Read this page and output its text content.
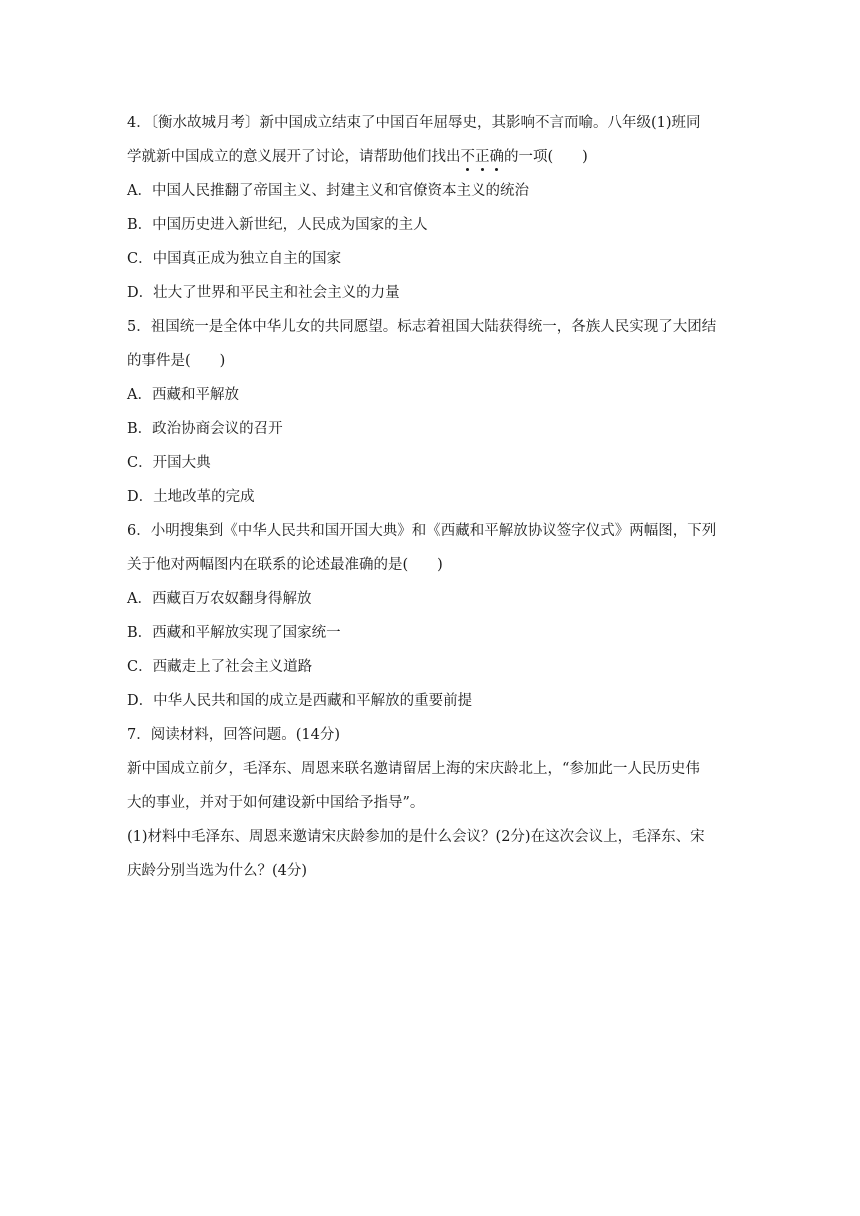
4．〔衡水故城月考〕新中国成立结束了中国百年屈辱史，其影响不言而喻。八年级(1)班同
学就新中国成立的意义展开了讨论，请帮助他们找出不正确的一项(　　)
A．中国人民推翻了帝国主义、封建主义和官僚资本主义的统治
B．中国历史进入新世纪，人民成为国家的主人
C．中国真正成为独立自主的国家
D．壮大了世界和平民主和社会主义的力量
5．祖国统一是全体中华儿女的共同愿望。标志着祖国大陆获得统一，各族人民实现了大团结
的事件是(　　)
A．西藏和平解放
B．政治协商会议的召开
C．开国大典
D．土地改革的完成
6．小明搜集到《中华人民共和国开国大典》和《西藏和平解放协议签字仪式》两幅图，下列
关于他对两幅图内在联系的论述最准确的是(　　)
A．西藏百万农奴翻身得解放
B．西藏和平解放实现了国家统一
C．西藏走上了社会主义道路
D．中华人民共和国的成立是西藏和平解放的重要前提
7．阅读材料，回答问题。(14分)
新中国成立前夕，毛泽东、周恩来联名邀请留居上海的宋庆龄北上，“参加此一人民历史伟
大的事业，并对于如何建设新中国给予指导”。
(1)材料中毛泽东、周恩来邀请宋庆龄参加的是什么会议？(2分)在这次会议上，毛泽东、宋
庆龄分别当选为什么？(4分)
